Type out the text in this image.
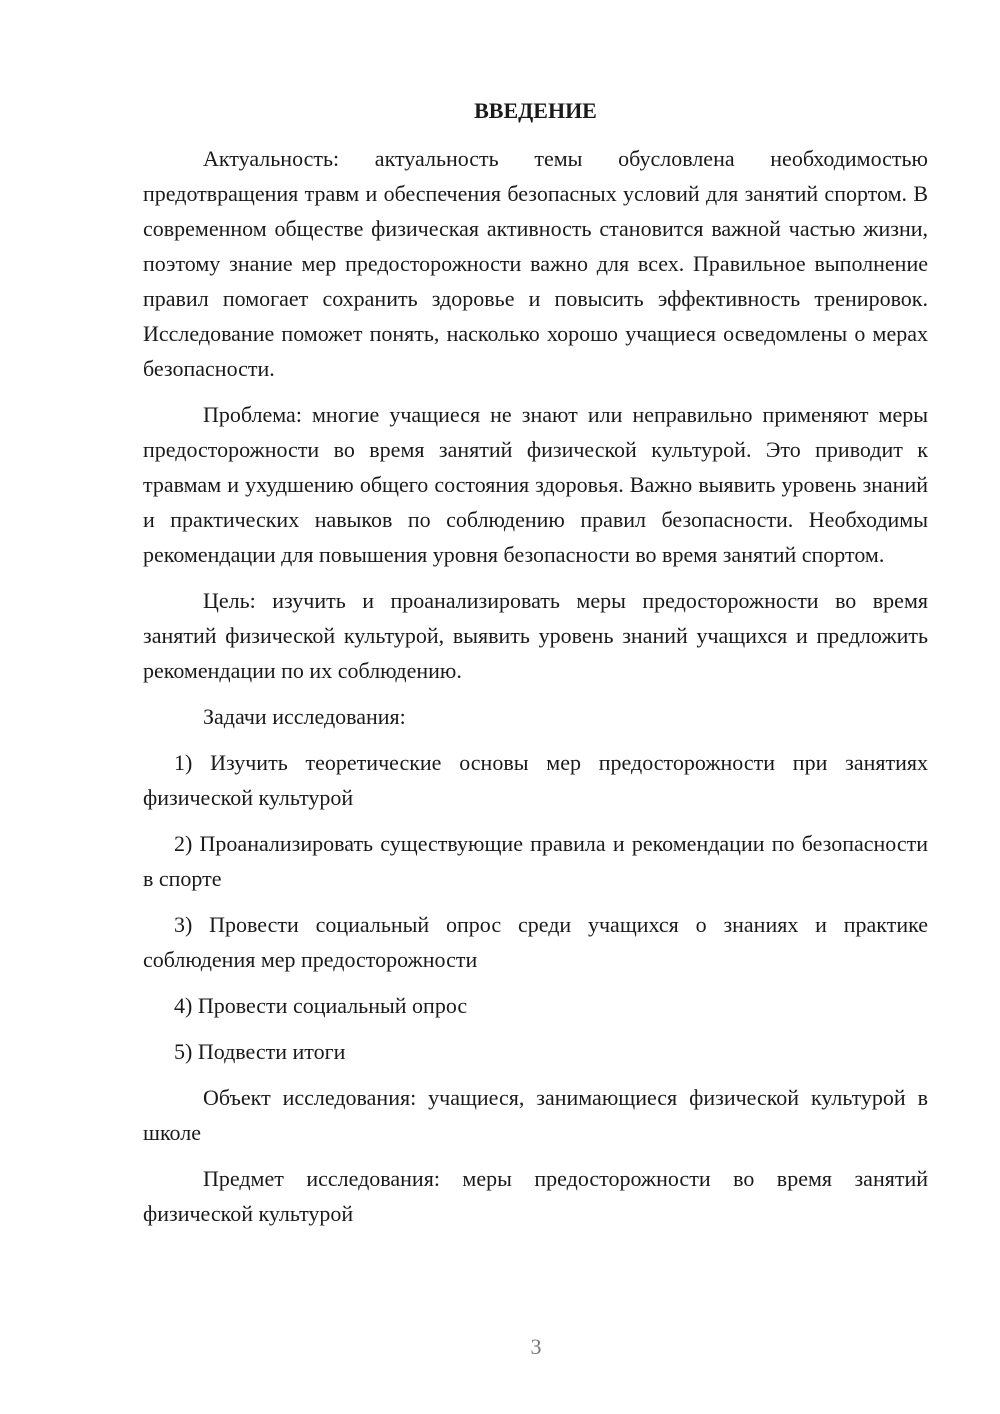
ВВЕДЕНИЕ

Актуальность: актуальность темы обусловлена необходимостью предотвращения травм и обеспечения безопасных условий для занятий спортом. В современном обществе физическая активность становится важной частью жизни, поэтому знание мер предосторожности важно для всех. Правильное выполнение правил помогает сохранить здоровье и повысить эффективность тренировок. Исследование поможет понять, насколько хорошо учащиеся осведомлены о мерах безопасности.

Проблема: многие учащиеся не знают или неправильно применяют меры предосторожности во время занятий физической культурой. Это приводит к травмам и ухудшению общего состояния здоровья. Важно выявить уровень знаний и практических навыков по соблюдению правил безопасности. Необходимы рекомендации для повышения уровня безопасности во время занятий спортом.

Цель: изучить и проанализировать меры предосторожности во время занятий физической культурой, выявить уровень знаний учащихся и предложить рекомендации по их соблюдению.

Задачи исследования:

1) Изучить теоретические основы мер предосторожности при занятиях физической культурой

2) Проанализировать существующие правила и рекомендации по безопасности в спорте

3) Провести социальный опрос среди учащихся о знаниях и практике соблюдения мер предосторожности

4) Провести социальный опрос

5) Подвести итоги

Объект исследования: учащиеся, занимающиеся физической культурой в школе

Предмет исследования: меры предосторожности во время занятий физической культурой

3
